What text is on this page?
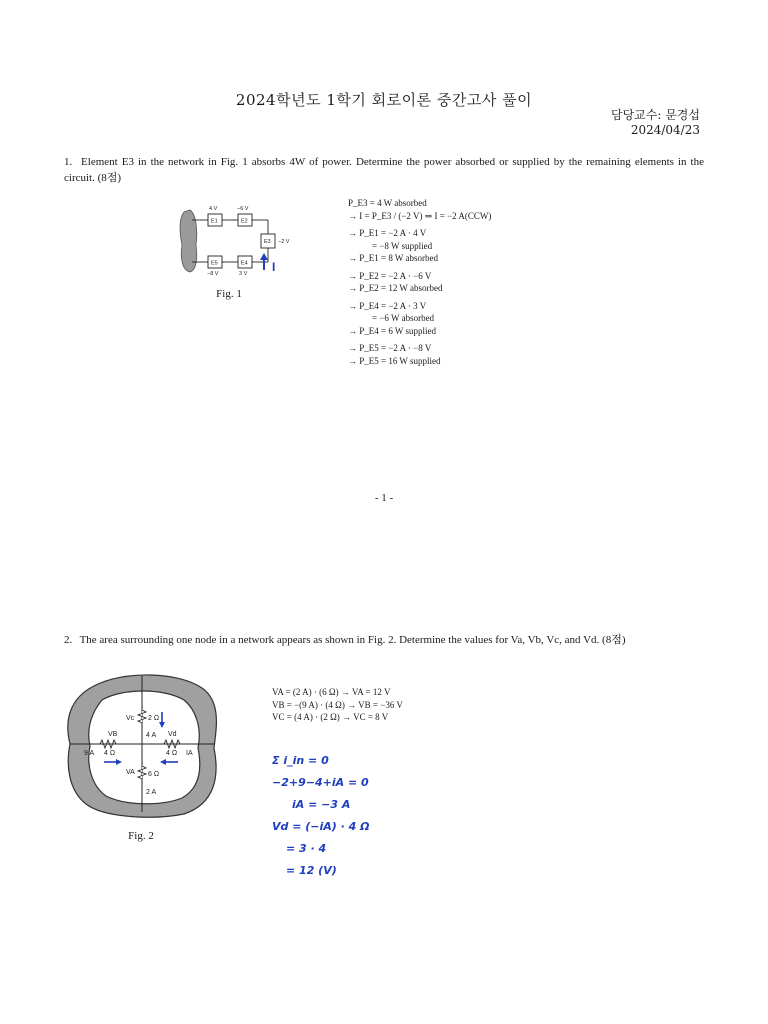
2024학년도 1학기 회로이론 중간고사 풀이
담당교수: 문경섭
2024/04/23
1. Element E3 in the network in Fig. 1 absorbs 4W of power. Determine the power absorbed or supplied by the remaining elements in the circuit. (8점)
E1	E2
E3
E5	E4
4 V	−6 V
−2 V
−8 V	3 V I
Fig. 1
P_E3 = 4 W absorbed
→ I = P_E3 / (−2 V) ⇒ I = −2 A(CCW)
→ P_E1 = −2 A · 4 V
= −8 W supplied
→ P_E1 = 8 W absorbed
→ P_E2 = −2 A · −6 V
→ P_E2 = 12 W absorbed
→ P_E4 = −2 A · 3 V
= −6 W absorbed
→ P_E4 = 6 W supplied
→ P_E5 = −2 A · −8 V
→ P_E5 = 16 W supplied
- 1 -
2. The area surrounding one node in a network appears as shown in Fig. 2. Determine the values for Va, Vb, Vc, and Vd. (8점)
Vc 2 Ω
4 A Vd
VB
9 A 4 Ω	4 Ω IA
VA 6 Ω
2 A
Fig. 2
VA = (2 A) · (6 Ω) → VA = 12 V
VB = −(9 A) · (4 Ω) → VB = −36 V
VC = (4 A) · (2 Ω) → VC = 8 V
Σ i_in = 0
−2+9−4+iA = 0
iA = −3 A
Vd = (−iA) · 4 Ω
= 3 · 4
= 12 (V)
